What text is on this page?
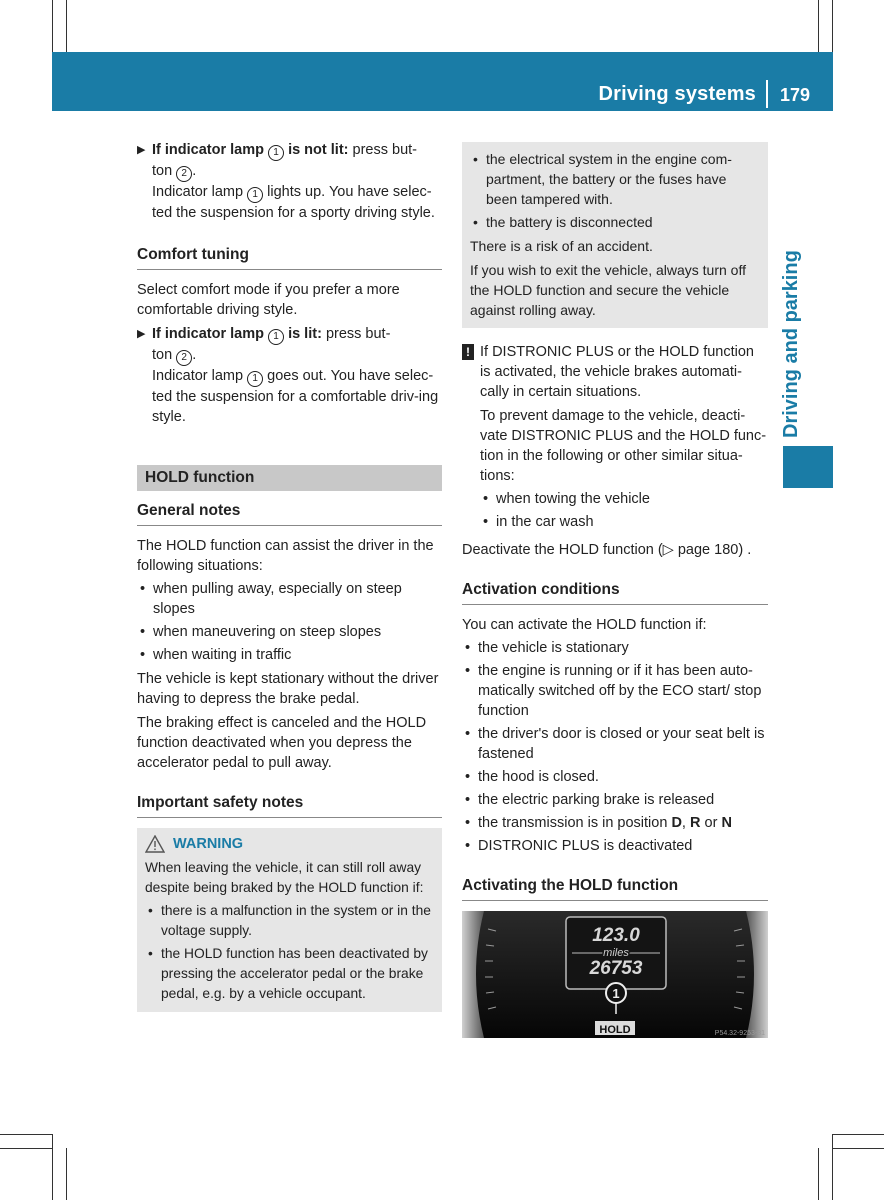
Driving systems 179
Driving and parking
▶ If indicator lamp 1 is not lit: press but-
ton 2 .
Indicator lamp 1 lights up. You have selec-ted the suspension for a sporty driving style.
Comfort tuning

Select comfort mode if you prefer a more comfortable driving style.

▶ If indicator lamp 1 is lit: press but-
ton 2 .
Indicator lamp 1 goes out. You have selec-ted the suspension for a comfortable driv-ing style.
HOLD function
General notes

The HOLD function can assist the driver in the following situations:

• when pulling away, especially on steep slopes
• when maneuvering on steep slopes
• when waiting in traffic

The vehicle is kept stationary without the driver having to depress the brake pedal.

The braking effect is canceled and the HOLD function deactivated when you depress the accelerator pedal to pull away.

Important safety notes
WARNING

When leaving the vehicle, it can still roll away despite being braked by the HOLD function if:

• there is a malfunction in the system or in the voltage supply.
• the HOLD function has been deactivated by pressing the accelerator pedal or the brake pedal, e.g. by a vehicle occupant.
• the electrical system in the engine com-partment, the battery or the fuses have been tampered with.
• the battery is disconnected

There is a risk of an accident.

If you wish to exit the vehicle, always turn off the HOLD function and secure the vehicle against rolling away.

! If DISTRONIC PLUS or the HOLD function is activated, the vehicle brakes automati-cally in certain situations.

To prevent damage to the vehicle, deacti-vate DISTRONIC PLUS and the HOLD func-tion in the following or other similar situa-tions:

• when towing the vehicle
• in the car wash

Deactivate the HOLD function (▷ page 180) .

Activation conditions

You can activate the HOLD function if:

• the vehicle is stationary
• the engine is running or if it has been auto-matically switched off by the ECO start/ stop function
• the driver's door is closed or your seat belt is fastened
• the hood is closed.
• the electric parking brake is released
• the transmission is in position D, R or N
• DISTRONIC PLUS is deactivated
Activating the HOLD function
123.0
miles
26753
1
HOLD	P54.32-9253-31
